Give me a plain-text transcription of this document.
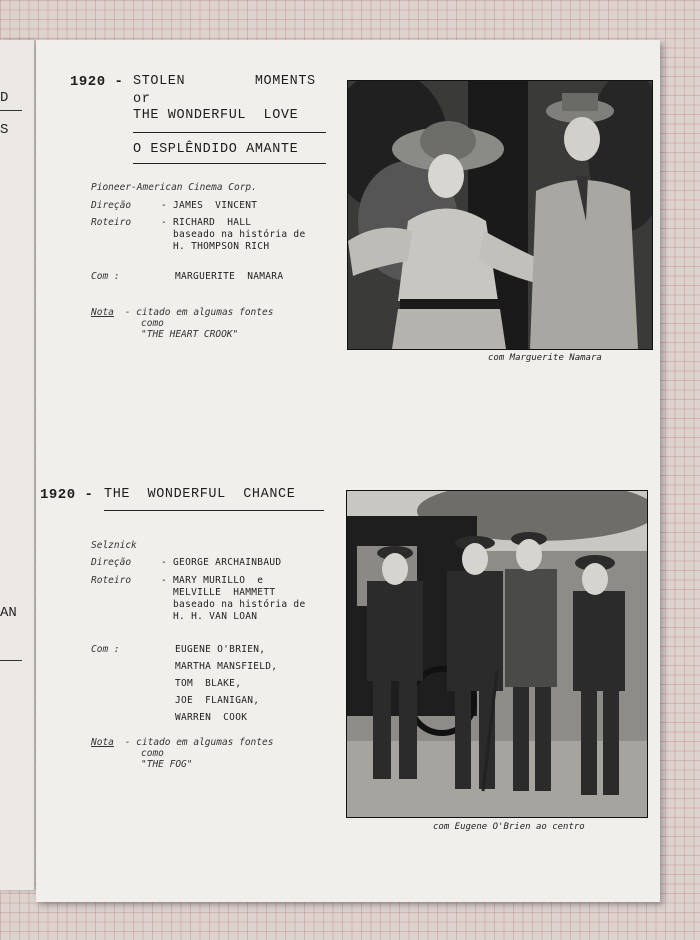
D
S
AN
1920 - STOLEN        MOMENTS
or
THE WONDERFUL  LOVE
O ESPLÊNDIDO AMANTE
Pioneer-American Cinema Corp.
Direção	- JAMES  VINCENT
Roteiro	- RICHARD  HALL
baseado na história de
H. THOMPSON RICH
Com :	MARGUERITE  NAMARA
Nota - citado em algumas fontes
como
"THE HEART CROOK"
com Marguerite Namara
1920 - THE  WONDERFUL  CHANCE
Selznick
Direção	- GEORGE ARCHAINBAUD
Roteiro	- MARY MURILLO  e
MELVILLE  HAMMETT
baseado na história de
H. H. VAN LOAN
Com :	EUGENE O'BRIEN,
MARTHA MANSFIELD,
TOM  BLAKE,
JOE  FLANIGAN,
WARREN  COOK
Nota - citado em algumas fontes
como
"THE FOG"
com Eugene O'Brien ao centro
